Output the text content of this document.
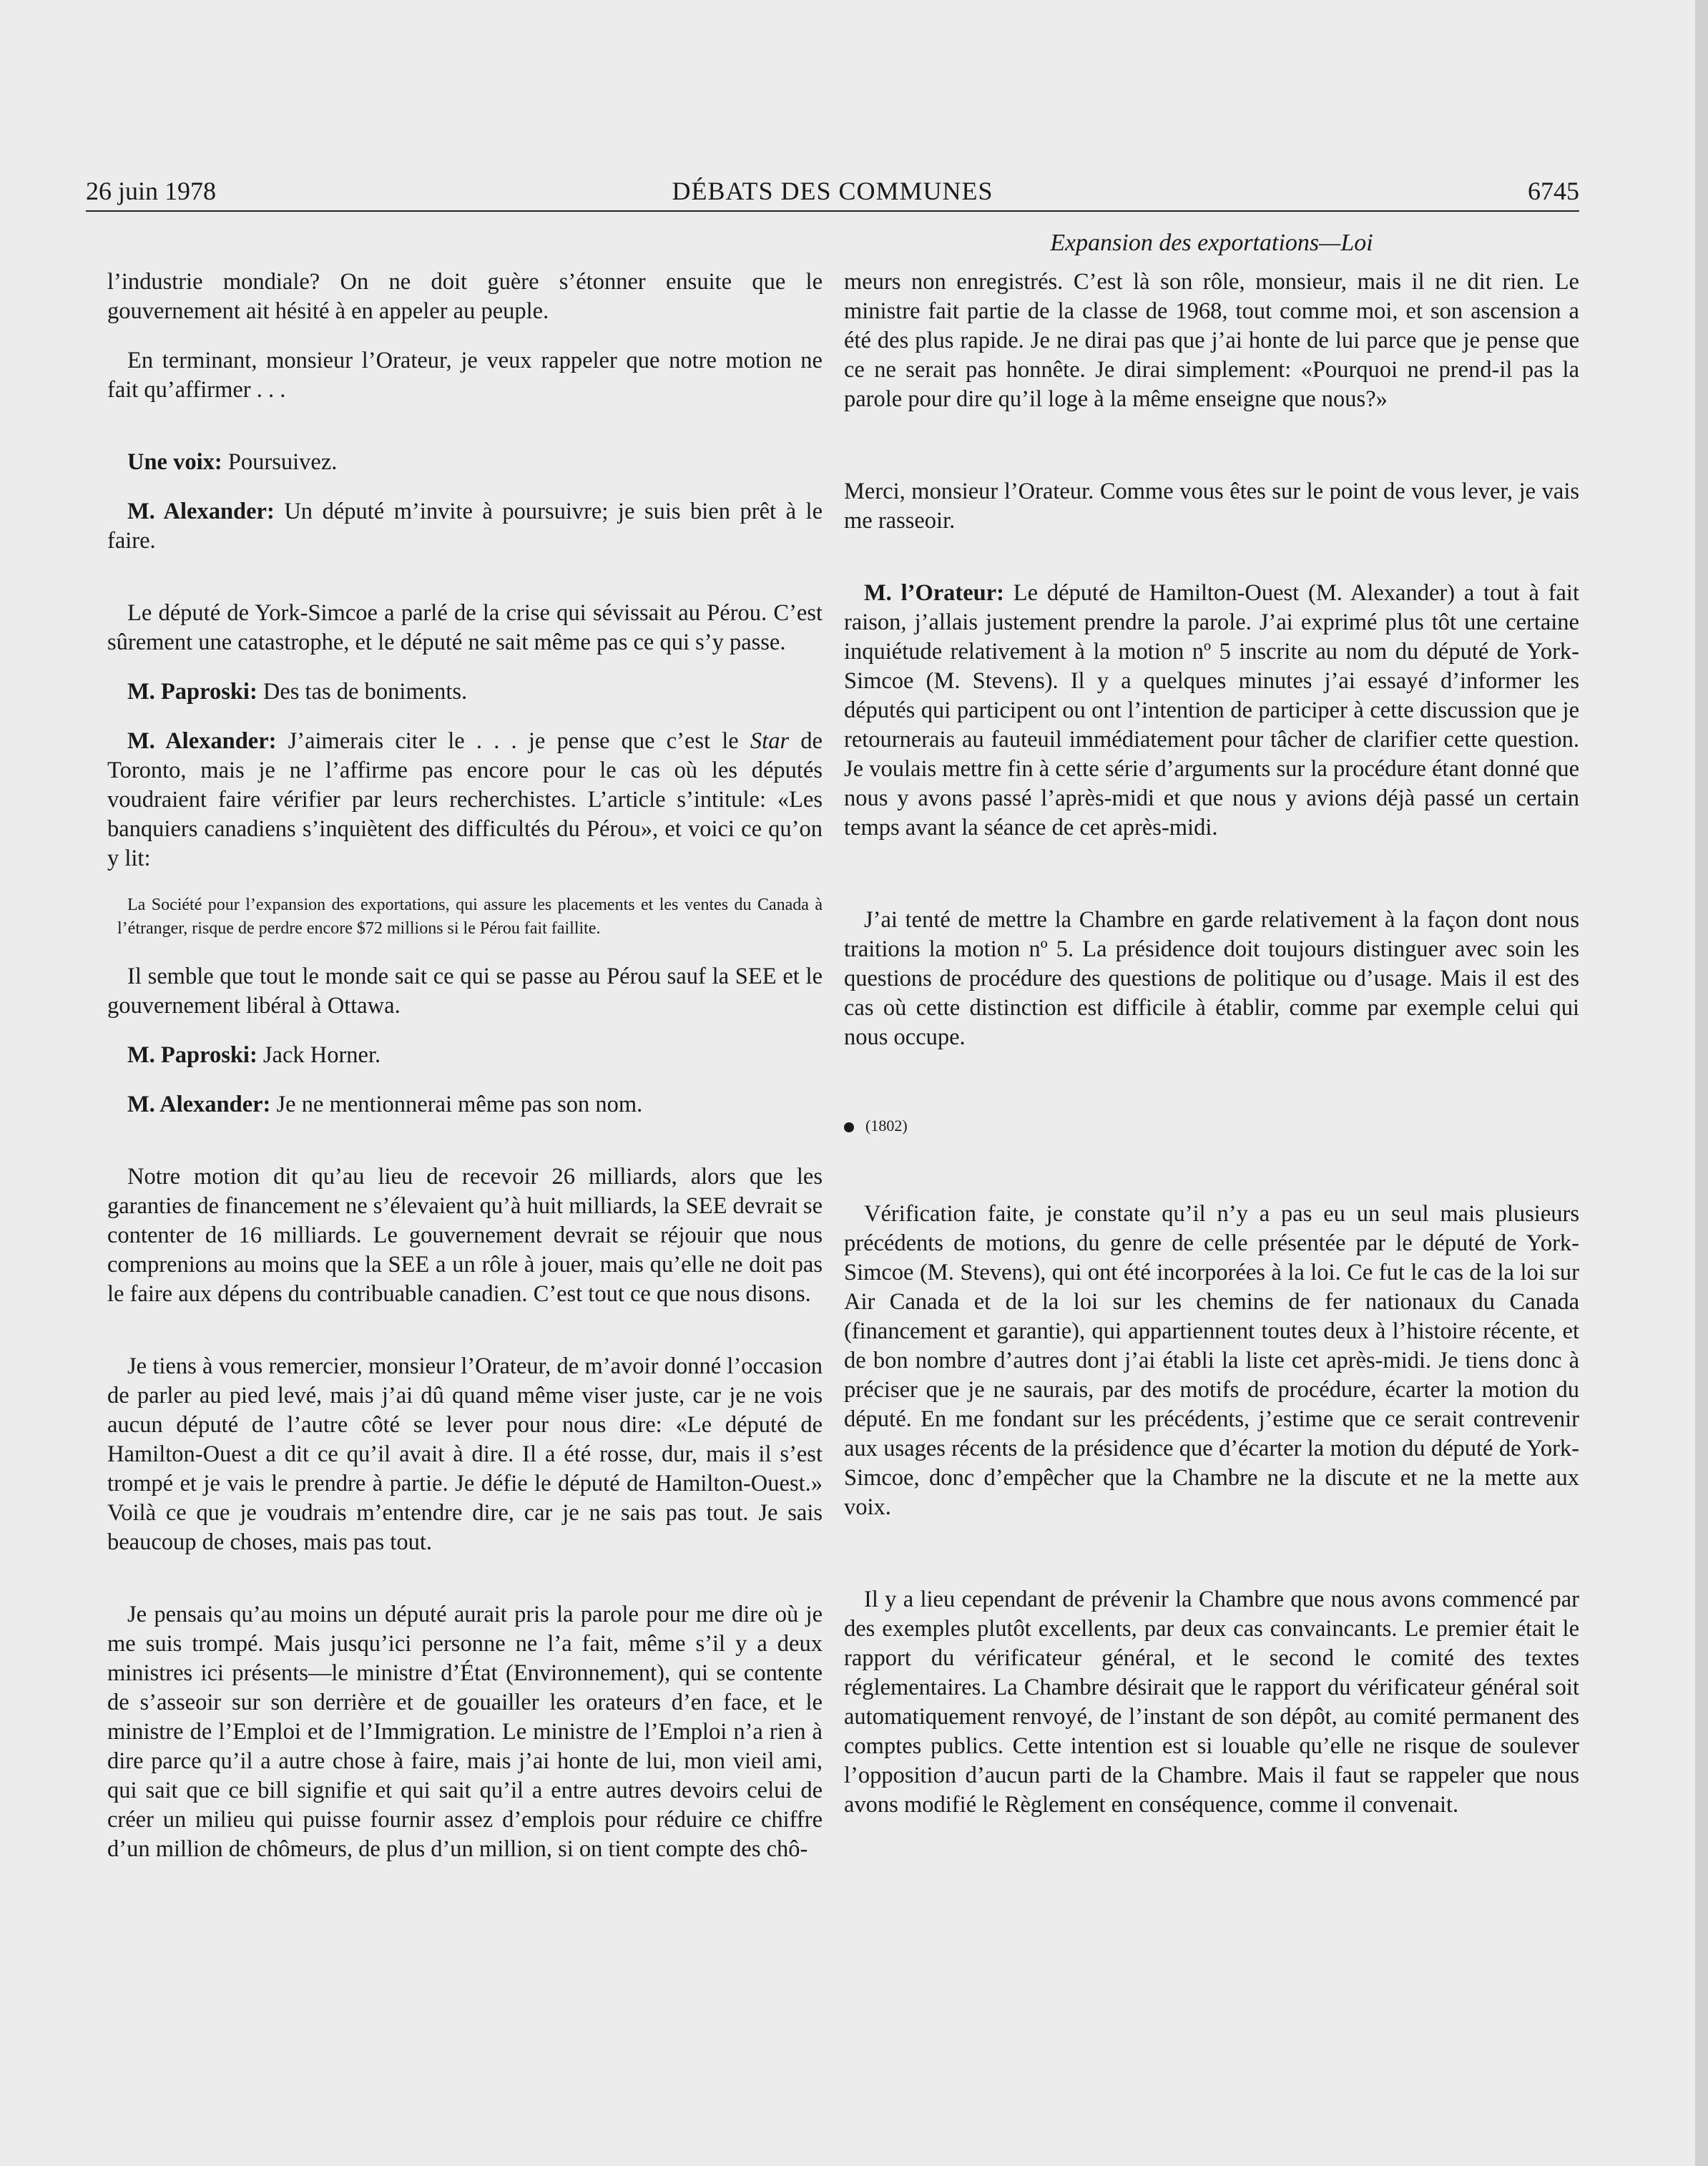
26 juin 1978	DÉBATS DES COMMUNES	6745
Expansion des exportations—Loi

l’industrie mondiale? On ne doit guère s’étonner ensuite que le gouvernement ait hésité à en appeler au peuple.

En terminant, monsieur l’Orateur, je veux rappeler que notre motion ne fait qu’affirmer . . .

Une voix: Poursuivez.

M. Alexander: Un député m’invite à poursuivre; je suis bien prêt à le faire.

Le député de York-Simcoe a parlé de la crise qui sévissait au Pérou. C’est sûrement une catastrophe, et le député ne sait même pas ce qui s’y passe.

M. Paproski: Des tas de boniments.

M. Alexander: J’aimerais citer le . . . je pense que c’est le Star de Toronto, mais je ne l’affirme pas encore pour le cas où les députés voudraient faire vérifier par leurs recherchistes. L’article s’intitule: «Les banquiers canadiens s’inquiètent des difficultés du Pérou», et voici ce qu’on y lit:

La Société pour l’expansion des exportations, qui assure les placements et les ventes du Canada à l’étranger, risque de perdre encore $72 millions si le Pérou fait faillite.

Il semble que tout le monde sait ce qui se passe au Pérou sauf la SEE et le gouvernement libéral à Ottawa.

M. Paproski: Jack Horner.

M. Alexander: Je ne mentionnerai même pas son nom.

Notre motion dit qu’au lieu de recevoir 26 milliards, alors que les garanties de financement ne s’élevaient qu’à huit milliards, la SEE devrait se contenter de 16 milliards. Le gouvernement devrait se réjouir que nous comprenions au moins que la SEE a un rôle à jouer, mais qu’elle ne doit pas le faire aux dépens du contribuable canadien. C’est tout ce que nous disons.

Je tiens à vous remercier, monsieur l’Orateur, de m’avoir donné l’occasion de parler au pied levé, mais j’ai dû quand même viser juste, car je ne vois aucun député de l’autre côté se lever pour nous dire: «Le député de Hamilton-Ouest a dit ce qu’il avait à dire. Il a été rosse, dur, mais il s’est trompé et je vais le prendre à partie. Je défie le député de Hamilton-Ouest.» Voilà ce que je voudrais m’entendre dire, car je ne sais pas tout. Je sais beaucoup de choses, mais pas tout.

Je pensais qu’au moins un député aurait pris la parole pour me dire où je me suis trompé. Mais jusqu’ici personne ne l’a fait, même s’il y a deux ministres ici présents—le ministre d’État (Environnement), qui se contente de s’asseoir sur son derrière et de gouailler les orateurs d’en face, et le ministre de l’Emploi et de l’Immigration. Le ministre de l’Emploi n’a rien à dire parce qu’il a autre chose à faire, mais j’ai honte de lui, mon vieil ami, qui sait que ce bill signifie et qui sait qu’il a entre autres devoirs celui de créer un milieu qui puisse fournir assez d’emplois pour réduire ce chiffre d’un million de chômeurs, de plus d’un million, si on tient compte des chô-

meurs non enregistrés. C’est là son rôle, monsieur, mais il ne dit rien. Le ministre fait partie de la classe de 1968, tout comme moi, et son ascension a été des plus rapide. Je ne dirai pas que j’ai honte de lui parce que je pense que ce ne serait pas honnête. Je dirai simplement: «Pourquoi ne prend-il pas la parole pour dire qu’il loge à la même enseigne que nous?»

Merci, monsieur l’Orateur. Comme vous êtes sur le point de vous lever, je vais me rasseoir.

M. l’Orateur: Le député de Hamilton-Ouest (M. Alexander) a tout à fait raison, j’allais justement prendre la parole. J’ai exprimé plus tôt une certaine inquiétude relativement à la motion nº 5 inscrite au nom du député de York-Simcoe (M. Stevens). Il y a quelques minutes j’ai essayé d’informer les députés qui participent ou ont l’intention de participer à cette discussion que je retournerais au fauteuil immédiatement pour tâcher de clarifier cette question. Je voulais mettre fin à cette série d’arguments sur la procédure étant donné que nous y avons passé l’après-midi et que nous y avions déjà passé un certain temps avant la séance de cet après-midi.

J’ai tenté de mettre la Chambre en garde relativement à la façon dont nous traitions la motion nº 5. La présidence doit toujours distinguer avec soin les questions de procédure des questions de politique ou d’usage. Mais il est des cas où cette distinction est difficile à établir, comme par exemple celui qui nous occupe.

(1802)

Vérification faite, je constate qu’il n’y a pas eu un seul mais plusieurs précédents de motions, du genre de celle présentée par le député de York-Simcoe (M. Stevens), qui ont été incorporées à la loi. Ce fut le cas de la loi sur Air Canada et de la loi sur les chemins de fer nationaux du Canada (financement et garantie), qui appartiennent toutes deux à l’histoire récente, et de bon nombre d’autres dont j’ai établi la liste cet après-midi. Je tiens donc à préciser que je ne saurais, par des motifs de procédure, écarter la motion du député. En me fondant sur les précédents, j’estime que ce serait contrevenir aux usages récents de la présidence que d’écarter la motion du député de York-Simcoe, donc d’empêcher que la Chambre ne la discute et ne la mette aux voix.

Il y a lieu cependant de prévenir la Chambre que nous avons commencé par des exemples plutôt excellents, par deux cas convaincants. Le premier était le rapport du vérificateur général, et le second le comité des textes réglementaires. La Chambre désirait que le rapport du vérificateur général soit automatiquement renvoyé, de l’instant de son dépôt, au comité permanent des comptes publics. Cette intention est si louable qu’elle ne risque de soulever l’opposition d’aucun parti de la Chambre. Mais il faut se rappeler que nous avons modifié le Règlement en conséquence, comme il convenait.
